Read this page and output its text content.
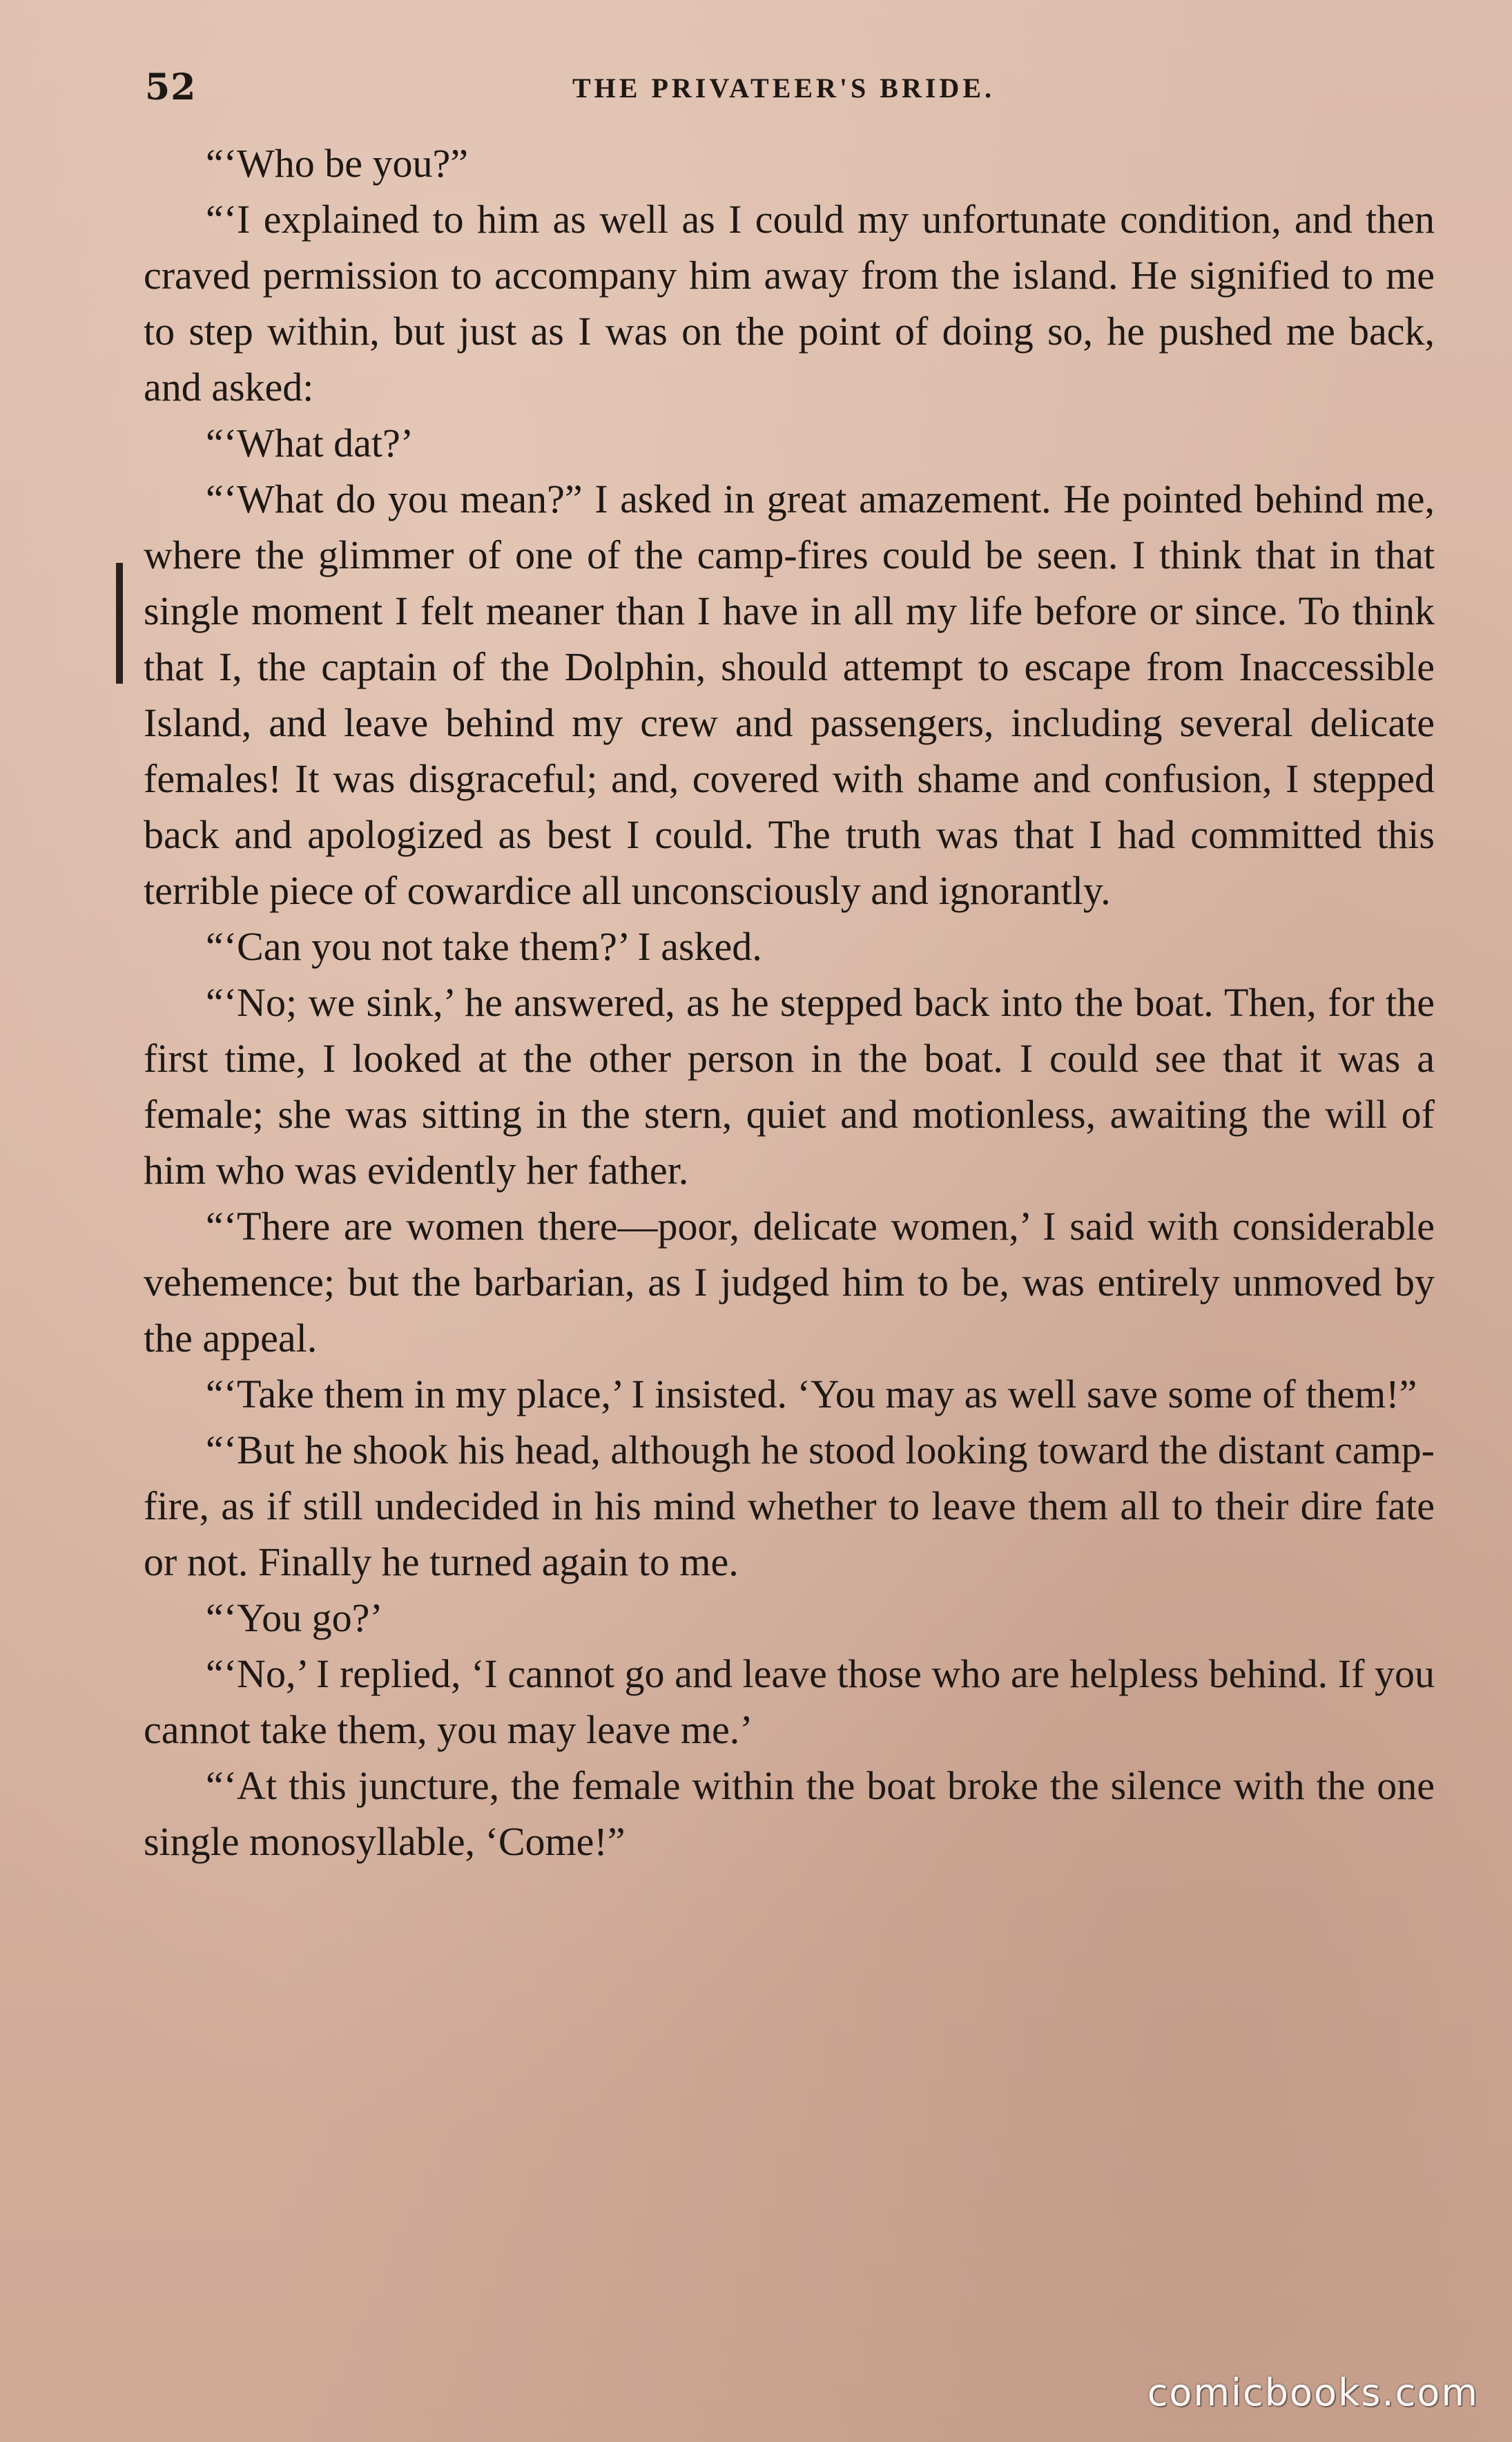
52	THE PRIVATEER'S BRIDE.

“‘Who be you?”

“‘I explained to him as well as I could my unfortunate condition, and then craved permission to accompany him away from the island. He signified to me to step within, but just as I was on the point of doing so, he pushed me back, and asked:

“‘What dat?’

“‘What do you mean?” I asked in great amazement. He pointed behind me, where the glimmer of one of the camp-fires could be seen. I think that in that single moment I felt meaner than I have in all my life before or since. To think that I, the captain of the Dolphin, should attempt to escape from Inaccessible Island, and leave behind my crew and passengers, including several delicate females! It was disgraceful; and, covered with shame and confusion, I stepped back and apologized as best I could. The truth was that I had committed this terrible piece of cowardice all unconsciously and ignorantly.

“‘Can you not take them?’ I asked.

“‘No; we sink,’ he answered, as he stepped back into the boat. Then, for the first time, I looked at the other person in the boat. I could see that it was a female; she was sitting in the stern, quiet and motionless, awaiting the will of him who was evidently her father.

“‘There are women there—poor, delicate women,’ I said with considerable vehemence; but the barbarian, as I judged him to be, was entirely unmoved by the appeal.

“‘Take them in my place,’ I insisted. ‘You may as well save some of them!”

“‘But he shook his head, although he stood looking toward the distant camp-fire, as if still undecided in his mind whether to leave them all to their dire fate or not. Finally he turned again to me.

“‘You go?’

“‘No,’ I replied, ‘I cannot go and leave those who are helpless behind. If you cannot take them, you may leave me.’

“‘At this juncture, the female within the boat broke the silence with the one single monosyllable, ‘Come!”

comicbooks.com
